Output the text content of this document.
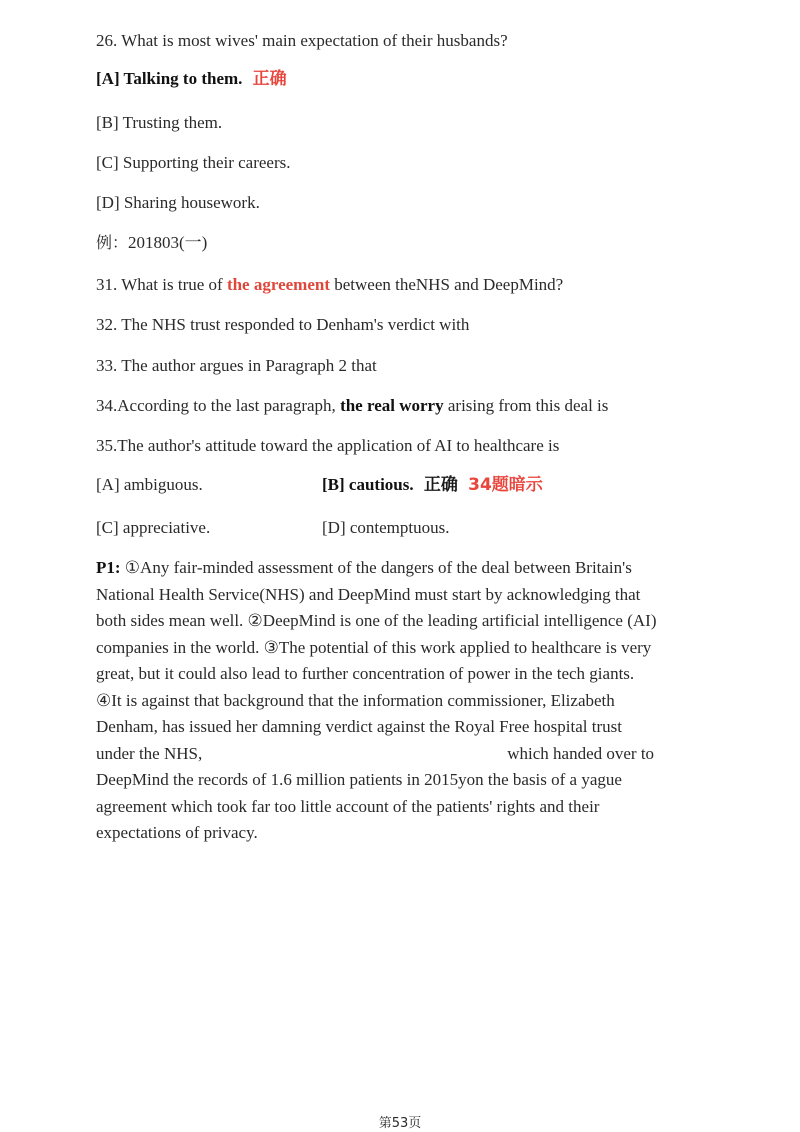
26. What is most wives' main expectation of their husbands?
[A] Talking to them. 正确
[B] Trusting them.
[C] Supporting their careers.
[D] Sharing housework.
例：201803(一)
31. What is true of the agreement between theNHS and DeepMind?
32. The NHS trust responded to Denham's verdict with
33. The author argues in Paragraph 2 that
34.According to the last paragraph, the real worry arising from this deal is
35.The author's attitude toward the application of AI to healthcare is
[A] ambiguous.	[B] cautious. 正确 34题暗示
[C] appreciative.	[D] contemptuous.
P1: ①Any fair-minded assessment of the dangers of the deal between Britain's
National Health Service(NHS) and DeepMind must start by acknowledging that
both sides mean well. ②DeepMind is one of the leading artificial intelligence (AI)
companies in the world. ③The potential of this work applied to healthcare is very
great, but it could also lead to further concentration of power in the tech giants.
④It is against that background that the information commissioner, Elizabeth
Denham, has issued her damning verdict against the Royal Free hospital trust
under the NHS,	which handed over to
DeepMind the records of 1.6 million patients in 2015yon the basis of a yague
agreement which took far too little account of the patients' rights and their
expectations of privacy.
第53页
